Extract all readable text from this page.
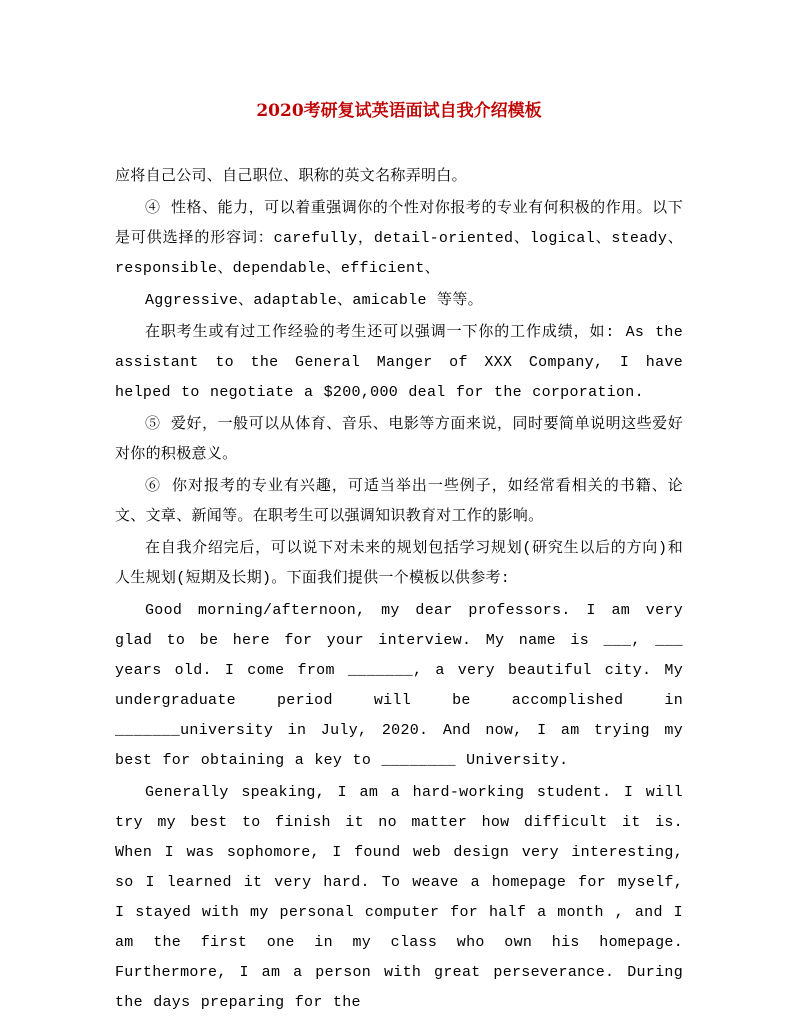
2020考研复试英语面试自我介绍模板

应将自己公司、自己职位、职称的英文名称弄明白。

④ 性格、能力，可以着重强调你的个性对你报考的专业有何积极的作用。以下是可供选择的形容词：carefully，detail-oriented、logical、steady、responsible、dependable、efficient、

Aggressive、adaptable、amicable 等等。

在职考生或有过工作经验的考生还可以强调一下你的工作成绩，如: As the assistant to the General Manger of XXX Company, I have helped to negotiate a $200,000 deal for the corporation.

⑤ 爱好，一般可以从体育、音乐、电影等方面来说，同时要简单说明这些爱好对你的积极意义。

⑥ 你对报考的专业有兴趣，可适当举出一些例子，如经常看相关的书籍、论文、文章、新闻等。在职考生可以强调知识教育对工作的影响。

在自我介绍完后，可以说下对未来的规划包括学习规划(研究生以后的方向)和人生规划(短期及长期)。下面我们提供一个模板以供参考:

Good morning/afternoon, my dear professors. I am very glad to be here for your interview. My name is ___, ___ years old. I come from _______, a very beautiful city. My undergraduate period will be accomplished in _______university in July, 2020. And now, I am trying my best for obtaining a key to ________ University.

Generally speaking, I am a hard-working student. I will try my best to finish it no matter how difficult it is. When I was sophomore, I found web design very interesting, so I learned it very hard. To weave a homepage for myself, I stayed with my personal computer for half a month , and I am the first one in my class who own his homepage. Furthermore, I am a person with great perseverance. During the days preparing for the
